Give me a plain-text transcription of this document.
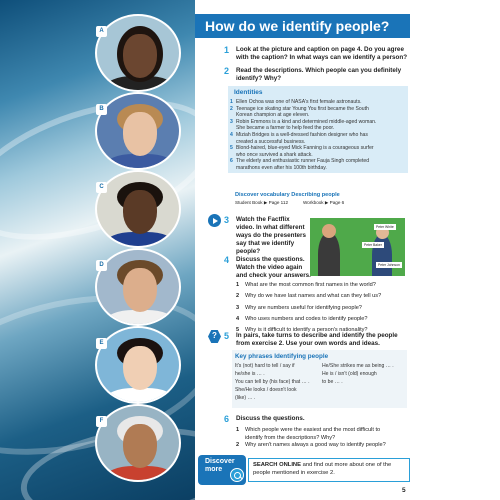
A
B
C
D
E
F
How do we identify people?
1 Look at the picture and caption on page 4. Do you agree with the caption? In what ways can we identify a person?
2 Read the descriptions. Which people can you definitely identify? Why?
Identities
1 Ellen Ochoa was one of NASA's first female astronauts.
2 Teenage ice skating star Young You first became the South
Korean champion at age eleven.
3 Robin Emmons is a kind and determined middle-aged woman.
She became a farmer to help feed the poor.
4 Miziah Bridges is a well-dressed fashion designer who has
created a successful business.
5 Blond-haired, blue-eyed Mick Fanning is a courageous surfer
who once survived a shark attack.
6 The elderly and enthusiastic runner Fauja Singh completed
marathons even after his 100th birthday.
Discover vocabulary Describing people
Student Book ▶ Page 112	Workbook ▶ Page 6
3 Watch the Factflix video. In what different ways do the presenters say that we identify people?
Peter White
Peter Baker
Peter Johnson
4 Discuss the questions. Watch the video again and check your answers.
1 What are the most common first names in the world?
2 Why do we have last names and what can they tell us?
3 Why are numbers useful for identifying people?
4 Who uses numbers and codes to identify people?
5 Why is it difficult to identify a person's nationality?
?
5 In pairs, take turns to describe and identify the people from exercise 2. Use your own words and ideas.
Key phrases Identifying people
It's (not) hard to tell / say if
he/she is … .
You can tell by (his face) that … .
She/He looks / doesn't look
(like) … .
He/She strikes me as being … .
He is / isn't (old) enough
to be … .
6 Discuss the questions.
1 Which people were the easiest and the most difficult to
identify from the descriptions? Why?
2 Why aren't names always a good way to identify people?
Discover
more
SEARCH ONLINE and find out more about one of the people mentioned in exercise 2.
5
